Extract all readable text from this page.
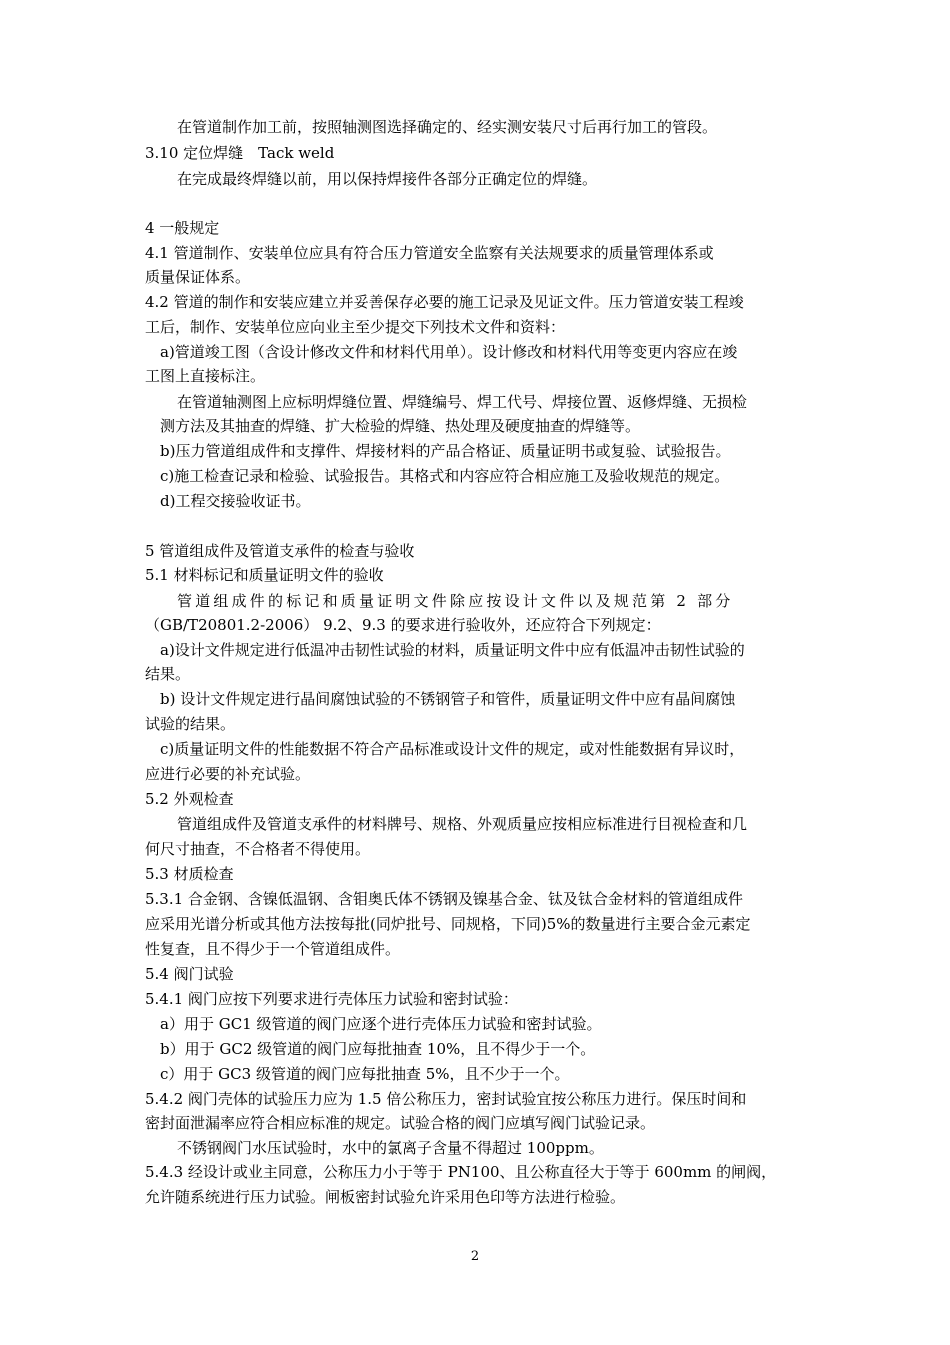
在管道制作加工前，按照轴测图选择确定的、经实测安装尺寸后再行加工的管段。
3.10 定位焊缝　Tack weld
在完成最终焊缝以前，用以保持焊接件各部分正确定位的焊缝。
4 一般规定
4.1 管道制作、安装单位应具有符合压力管道安全监察有关法规要求的质量管理体系或
质量保证体系。
4.2 管道的制作和安装应建立并妥善保存必要的施工记录及见证文件。压力管道安装工程竣
工后，制作、安装单位应向业主至少提交下列技术文件和资料：
a)管道竣工图（含设计修改文件和材料代用单）。设计修改和材料代用等变更内容应在竣
工图上直接标注。
在管道轴测图上应标明焊缝位置、焊缝编号、焊工代号、焊接位置、返修焊缝、无损检
测方法及其抽查的焊缝、扩大检验的焊缝、热处理及硬度抽查的焊缝等。
b)压力管道组成件和支撑件、焊接材料的产品合格证、质量证明书或复验、试验报告。
c)施工检查记录和检验、试验报告。其格式和内容应符合相应施工及验收规范的规定。
d)工程交接验收证书。
5 管道组成件及管道支承件的检查与验收
5.1 材料标记和质量证明文件的验收
管道组成件的标记和质量证明文件除应按设计文件以及规范第 2 部分
（GB/T20801.2-2006） 9.2、9.3 的要求进行验收外，还应符合下列规定：
a)设计文件规定进行低温冲击韧性试验的材料，质量证明文件中应有低温冲击韧性试验的
结果。
b) 设计文件规定进行晶间腐蚀试验的不锈钢管子和管件，质量证明文件中应有晶间腐蚀
试验的结果。
c)质量证明文件的性能数据不符合产品标准或设计文件的规定，或对性能数据有异议时，
应进行必要的补充试验。
5.2 外观检查
管道组成件及管道支承件的材料牌号、规格、外观质量应按相应标准进行目视检查和几
何尺寸抽查，不合格者不得使用。
5.3 材质检查
5.3.1 合金钢、含镍低温钢、含钼奥氏体不锈钢及镍基合金、钛及钛合金材料的管道组成件
应采用光谱分析或其他方法按每批(同炉批号、同规格，下同)5%的数量进行主要合金元素定
性复查，且不得少于一个管道组成件。
5.4 阀门试验
5.4.1 阀门应按下列要求进行壳体压力试验和密封试验：
a）用于 GC1 级管道的阀门应逐个进行壳体压力试验和密封试验。
b）用于 GC2 级管道的阀门应每批抽查 10%，且不得少于一个。
c）用于 GC3 级管道的阀门应每批抽查 5%，且不少于一个。
5.4.2 阀门壳体的试验压力应为 1.5 倍公称压力，密封试验宜按公称压力进行。保压时间和
密封面泄漏率应符合相应标准的规定。试验合格的阀门应填写阀门试验记录。
不锈钢阀门水压试验时，水中的氯离子含量不得超过 100ppm。
5.4.3 经设计或业主同意，公称压力小于等于 PN100、且公称直径大于等于 600mm 的闸阀，
允许随系统进行压力试验。闸板密封试验允许采用色印等方法进行检验。
2
